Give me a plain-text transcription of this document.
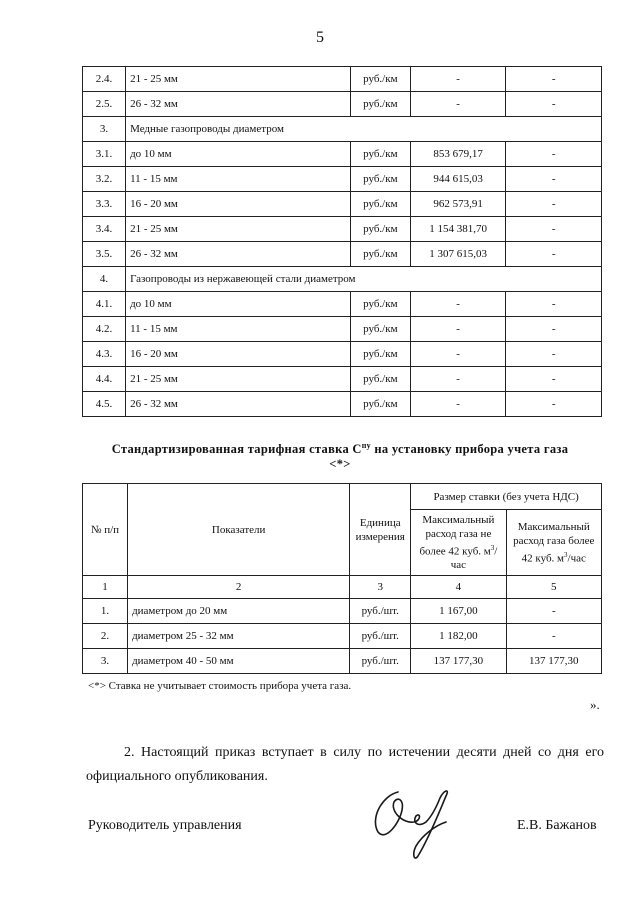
5
2.4.	21 - 25 мм	руб./км	-	-
2.5.	26 - 32 мм	руб./км	-	-
3.	Медные газопроводы диаметром			
3.1.	до 10 мм	руб./км	853 679,17	-
3.2.	11 - 15 мм	руб./км	944 615,03	-
3.3.	16 - 20 мм	руб./км	962 573,91	-
3.4.	21 - 25 мм	руб./км	1 154 381,70	-
3.5.	26 - 32 мм	руб./км	1 307 615,03	-
4.	Газопроводы из нержавеющей стали диаметром			
4.1.	до 10 мм	руб./км	-	-
4.2.	11 - 15 мм	руб./км	-	-
4.3.	16 - 20 мм	руб./км	-	-
4.4.	21 - 25 мм	руб./км	-	-
4.5.	26 - 32 мм	руб./км	-	-
Стандартизированная тарифная ставка $С^{пу}$ на установку прибора учета газа
<*>
№ п/п	Показатели	Единица измерения	Размер ставки (без учета НДС)	
			Максимальный расход газа не более 42 куб. $м^3$/час	Максимальный расход газа более 42 куб. $м^3$/час
1	2	3	4	5
1.	диаметром до 20 мм	руб./шт.	1 167,00	-
2.	диаметром 25 - 32 мм	руб./шт.	1 182,00	-
3.	диаметром 40 - 50 мм	руб./шт.	137 177,30	137 177,30
<*> Ставка не учитывает стоимость прибора учета газа.
».
2. Настоящий приказ вступает в силу по истечении десяти дней со дня его официального опубликования.
Руководитель управления	Е.В. Бажанов
